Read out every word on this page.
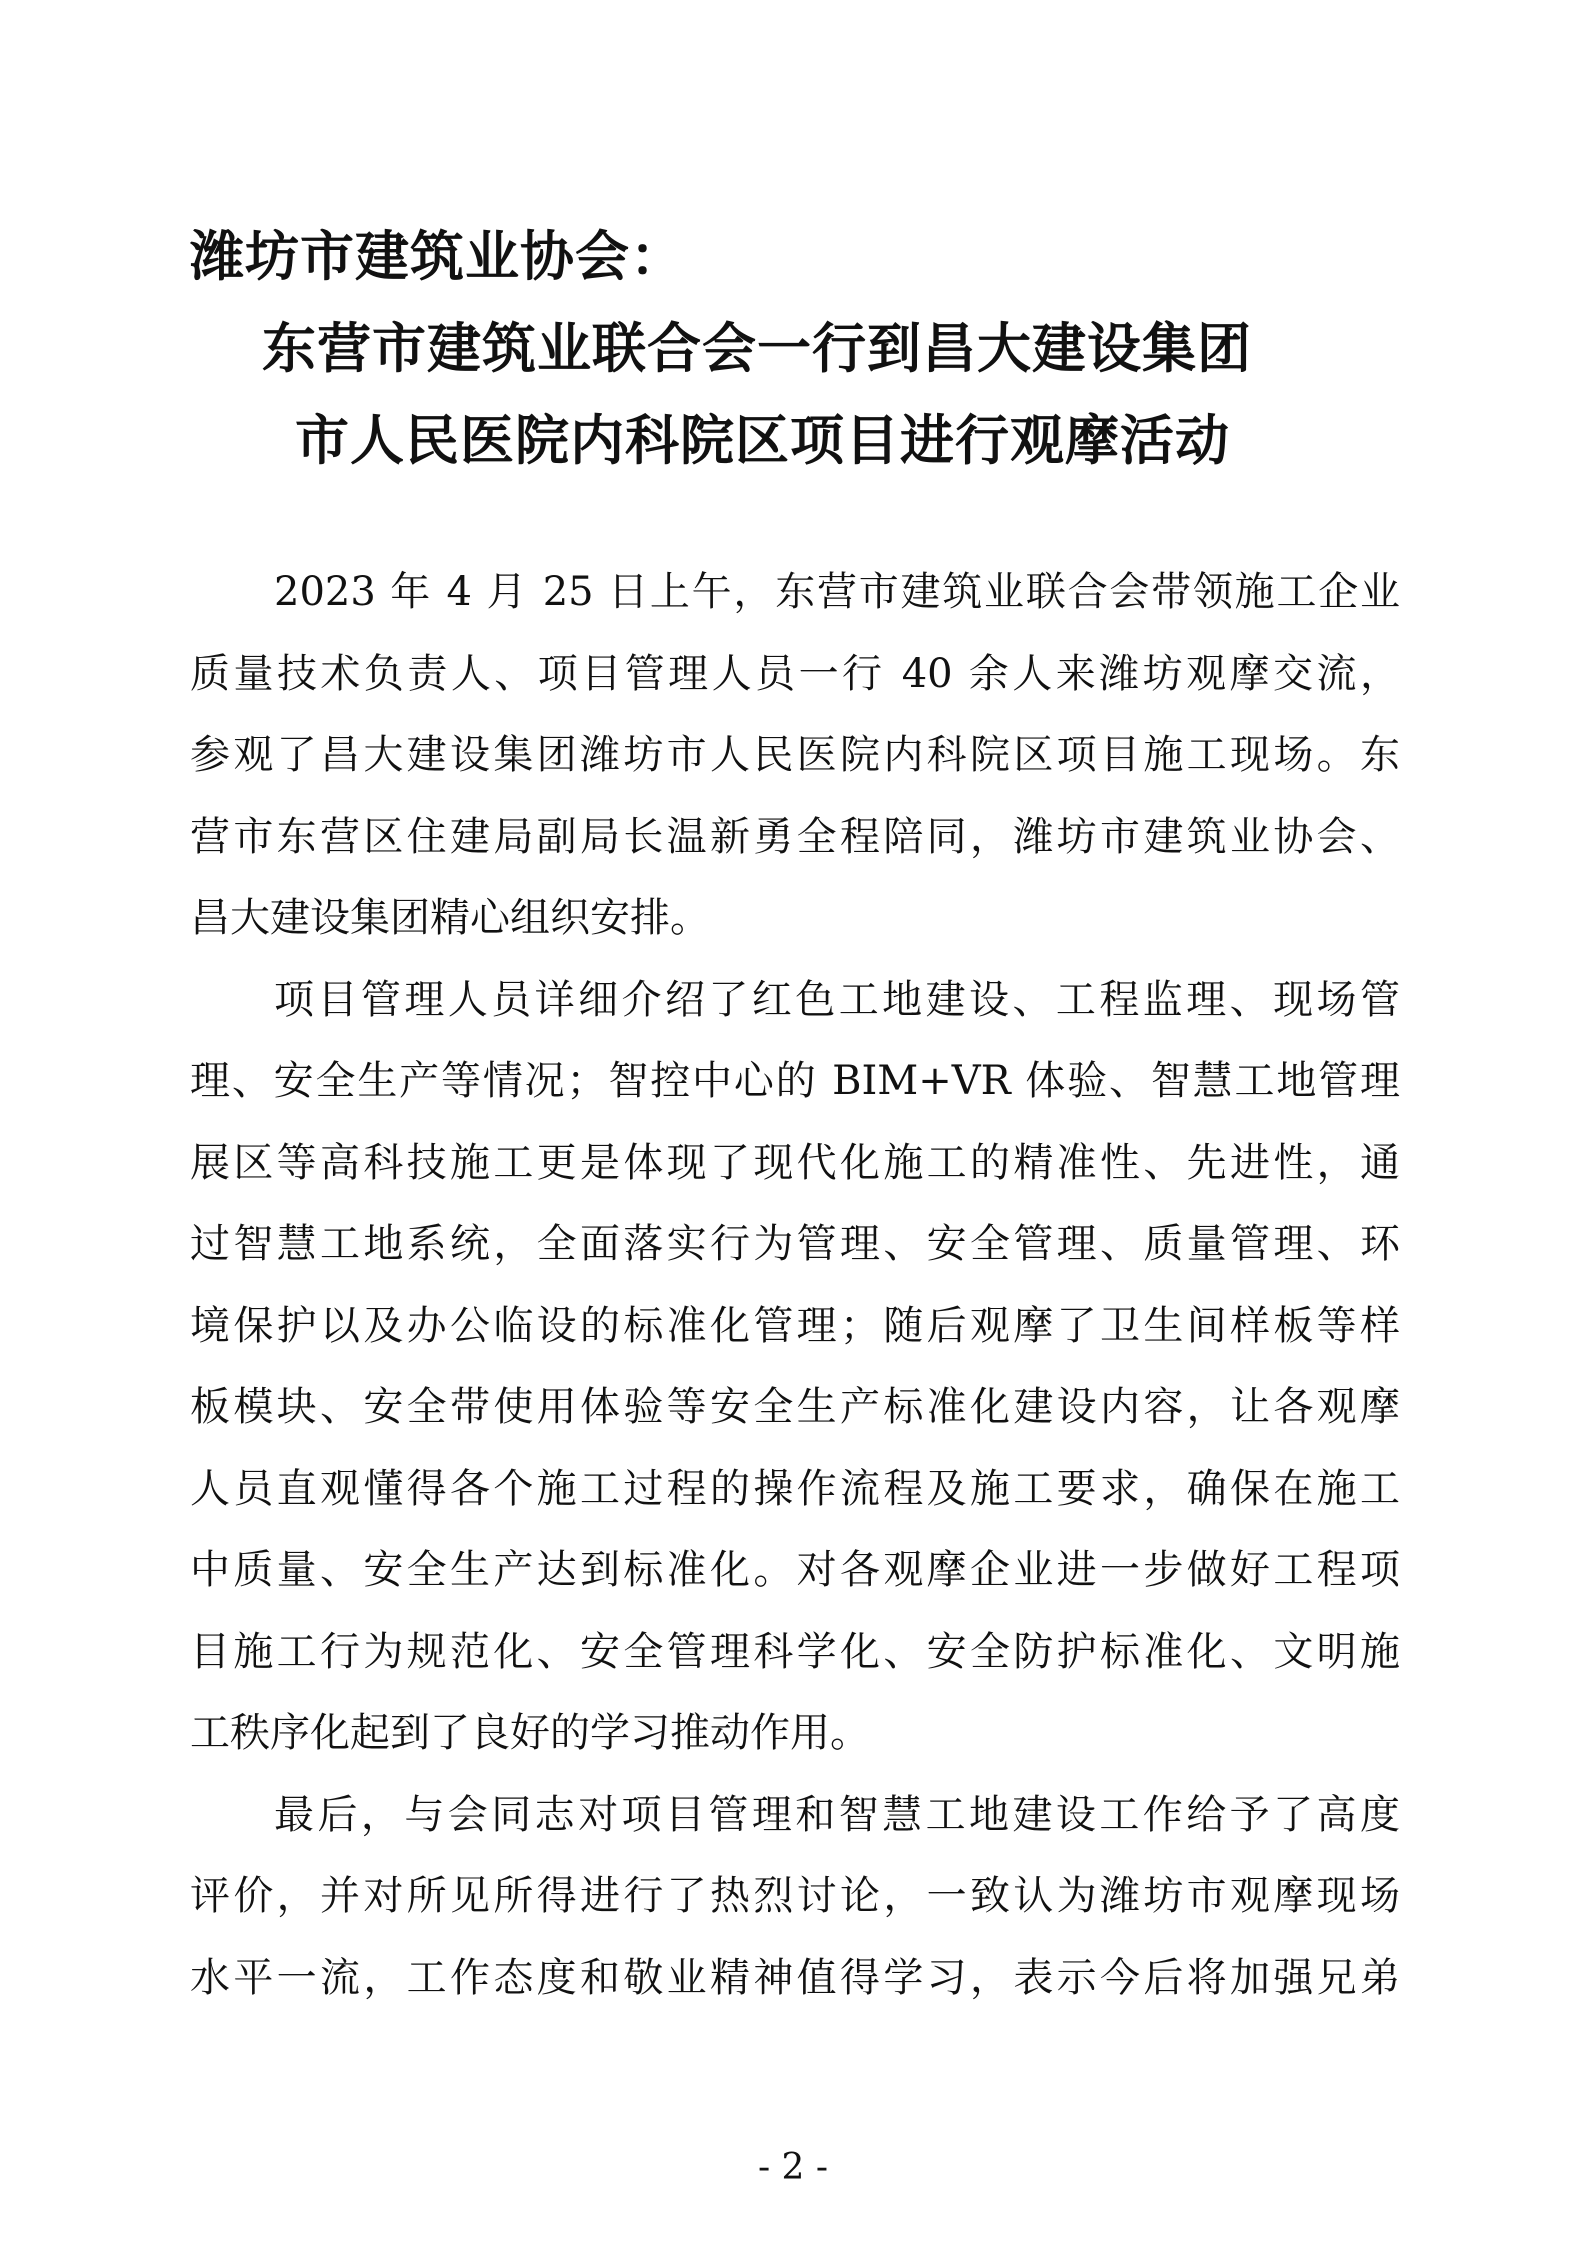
潍坊市建筑业协会：
东营市建筑业联合会一行到昌大建设集团
市人民医院内科院区项目进行观摩活动
2023 年 4 月 25 日上午，东营市建筑业联合会带领施工企业
质量技术负责人、项目管理人员一行 40 余人来潍坊观摩交流，
参观了昌大建设集团潍坊市人民医院内科院区项目施工现场。东
营市东营区住建局副局长温新勇全程陪同，潍坊市建筑业协会、
昌大建设集团精心组织安排。
项目管理人员详细介绍了红色工地建设、工程监理、现场管
理、安全生产等情况；智控中心的 BIM+VR 体验、智慧工地管理
展区等高科技施工更是体现了现代化施工的精准性、先进性，通
过智慧工地系统，全面落实行为管理、安全管理、质量管理、环
境保护以及办公临设的标准化管理；随后观摩了卫生间样板等样
板模块、安全带使用体验等安全生产标准化建设内容，让各观摩
人员直观懂得各个施工过程的操作流程及施工要求，确保在施工
中质量、安全生产达到标准化。对各观摩企业进一步做好工程项
目施工行为规范化、安全管理科学化、安全防护标准化、文明施
工秩序化起到了良好的学习推动作用。
最后，与会同志对项目管理和智慧工地建设工作给予了高度
评价，并对所见所得进行了热烈讨论，一致认为潍坊市观摩现场
水平一流，工作态度和敬业精神值得学习，表示今后将加强兄弟
- 2 -
